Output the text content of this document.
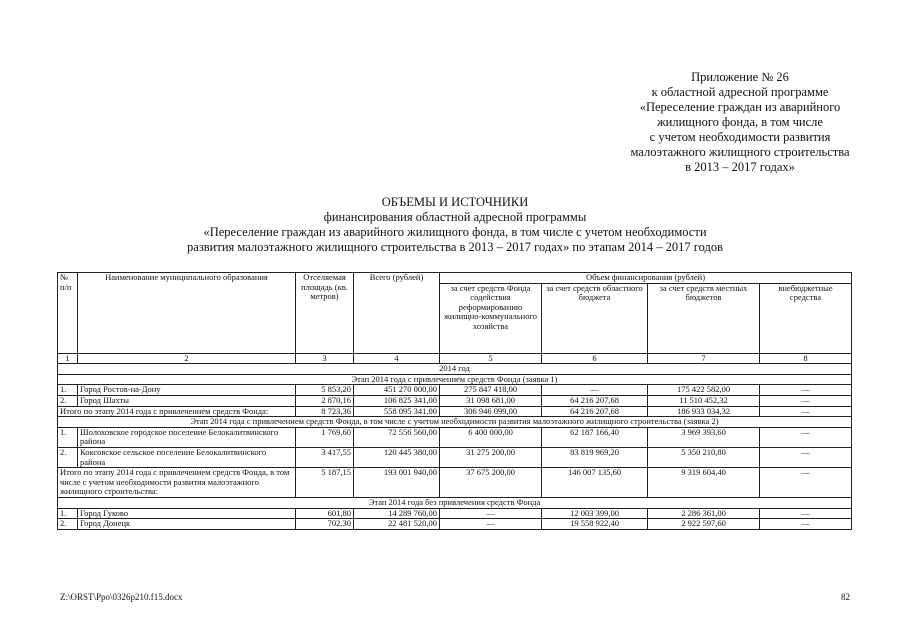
Приложение № 26
к областной адресной программе
«Переселение граждан из аварийного
жилищного фонда, в том числе
с учетом необходимости развития
малоэтажного жилищного строительства
в 2013 – 2017 годах»
ОБЪЕМЫ И ИСТОЧНИКИ
финансирования областной адресной программы
«Переселение граждан из аварийного жилищного фонда, в том числе с учетом необходимости
развития малоэтажного жилищного строительства в 2013 – 2017 годах» по этапам 2014 – 2017 годов
№ п/п	Наименование муниципального образования	Отселяемая площадь (кв. метров)	Всего (рублей)	Объем финансирования (рублей)			
				за счет средств Фонда содействия реформированию жилищно-коммунального хозяйства	за счет средств областного бюджета	за счет средств местных бюджетов	внебюджетные средства
1	2	3	4	5	6	7	8
2014 год							
Этап 2014 года с привлечением средств Фонда (заявка 1)							
1.	Город Ростов-на-Дону	5 853,20	451 270 000,00	275 847 418,00	—	175 422 582,00	—
2.	Город Шахты	2 870,16	106 825 341,00	31 098 681,00	64 216 207,68	11 510 452,32	—
Итого по этапу 2014 года с привлечением средств Фонда:		8 723,36	558 095 341,00	306 946 099,00	64 216 207,68	186 933 034,32	—
Этап 2014 года с привлечением средств Фонда, в том числе с учетом необходимости развития малоэтажного жилищного строительства (заявка 2)							
1.	Шолоховское городское поселение Белокалитвинского района	1 769,60	72 556 560,00	6 400 000,00	62 187 166,40	3 969 393,60	—
2.	Коксовское сельское поселение Белокалитвинского района	3 417,55	120 445 380,00	31 275 200,00	83 819 969,20	5 350 210,80	—
Итого по этапу 2014 года с привлечением средств Фонда, в том числе с учетом необходимости развития малоэтажного жилищного строительства:		5 187,15	193 001 940,00	37 675 200,00	146 007 135,60	9 319 604,40	—
Этап 2014 года без привлечения средств Фонда							
1.	Город Гуково	601,80	14 289 760,00	—	12 003 399,00	2 286 361,00	—
2.	Город Донецк	702,30	22 481 520,00	—	19 558 922,40	2 922 597,60	—
Z:\ORST\Ppo\0326p210.f15.docx	82
